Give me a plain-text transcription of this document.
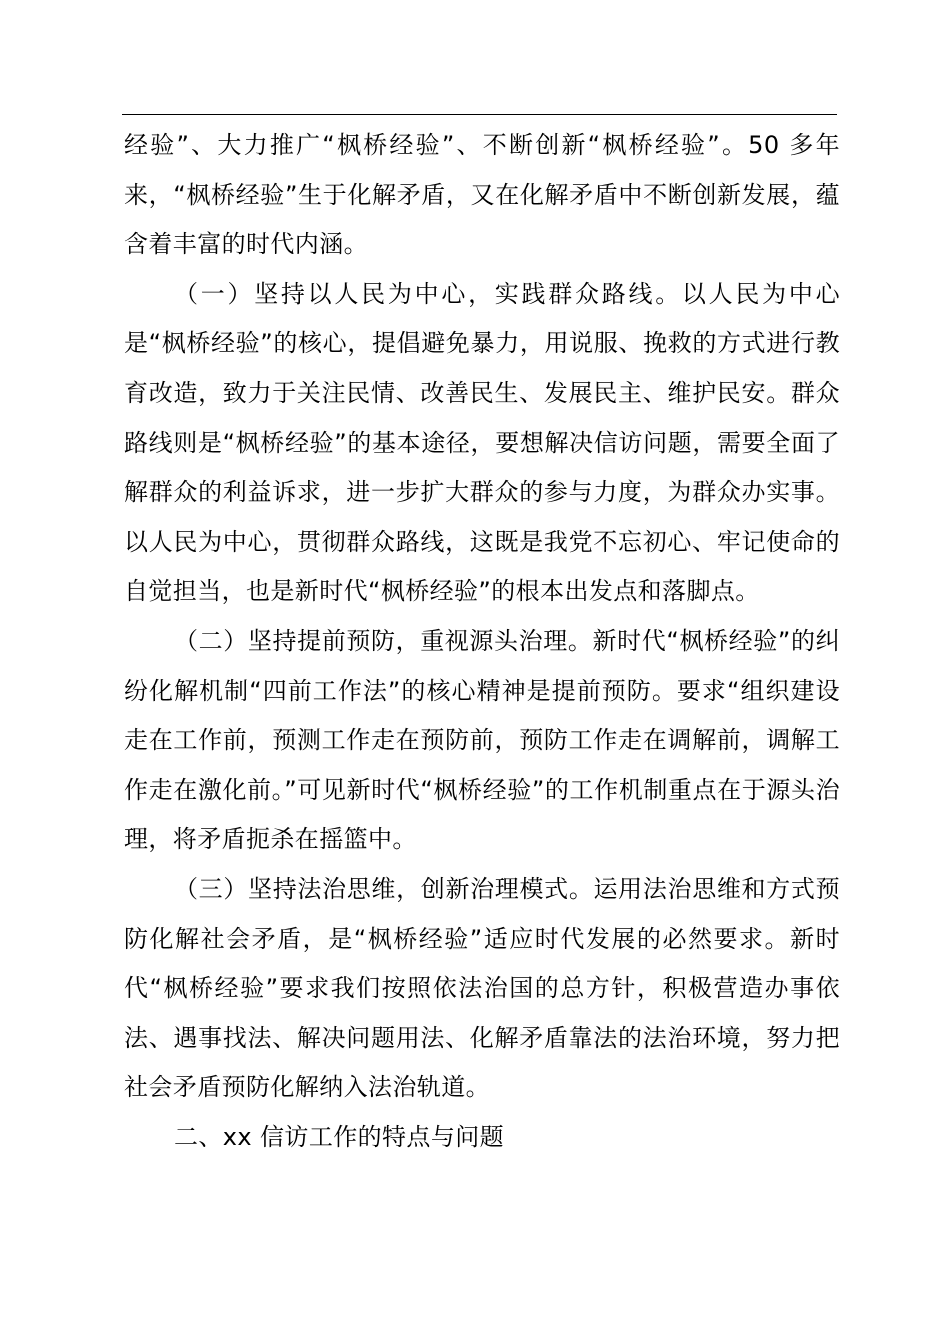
经验”、大力推广“枫桥经验”、不断创新“枫桥经验”。50 多年来，“枫桥经验”生于化解矛盾，又在化解矛盾中不断创新发展，蕴含着丰富的时代内涵。

（一）坚持以人民为中心，实践群众路线。以人民为中心是“枫桥经验”的核心，提倡避免暴力，用说服、挽救的方式进行教育改造，致力于关注民情、改善民生、发展民主、维护民安。群众路线则是“枫桥经验”的基本途径，要想解决信访问题，需要全面了解群众的利益诉求，进一步扩大群众的参与力度，为群众办实事。以人民为中心，贯彻群众路线，这既是我党不忘初心、牢记使命的自觉担当，也是新时代“枫桥经验”的根本出发点和落脚点。

（二）坚持提前预防，重视源头治理。新时代“枫桥经验”的纠纷化解机制“四前工作法”的核心精神是提前预防。要求“组织建设走在工作前，预测工作走在预防前，预防工作走在调解前，调解工作走在激化前。”可见新时代“枫桥经验”的工作机制重点在于源头治理，将矛盾扼杀在摇篮中。

（三）坚持法治思维，创新治理模式。运用法治思维和方式预防化解社会矛盾，是“枫桥经验”适应时代发展的必然要求。新时代“枫桥经验”要求我们按照依法治国的总方针，积极营造办事依法、遇事找法、解决问题用法、化解矛盾靠法的法治环境，努力把社会矛盾预防化解纳入法治轨道。

二、xx 信访工作的特点与问题
